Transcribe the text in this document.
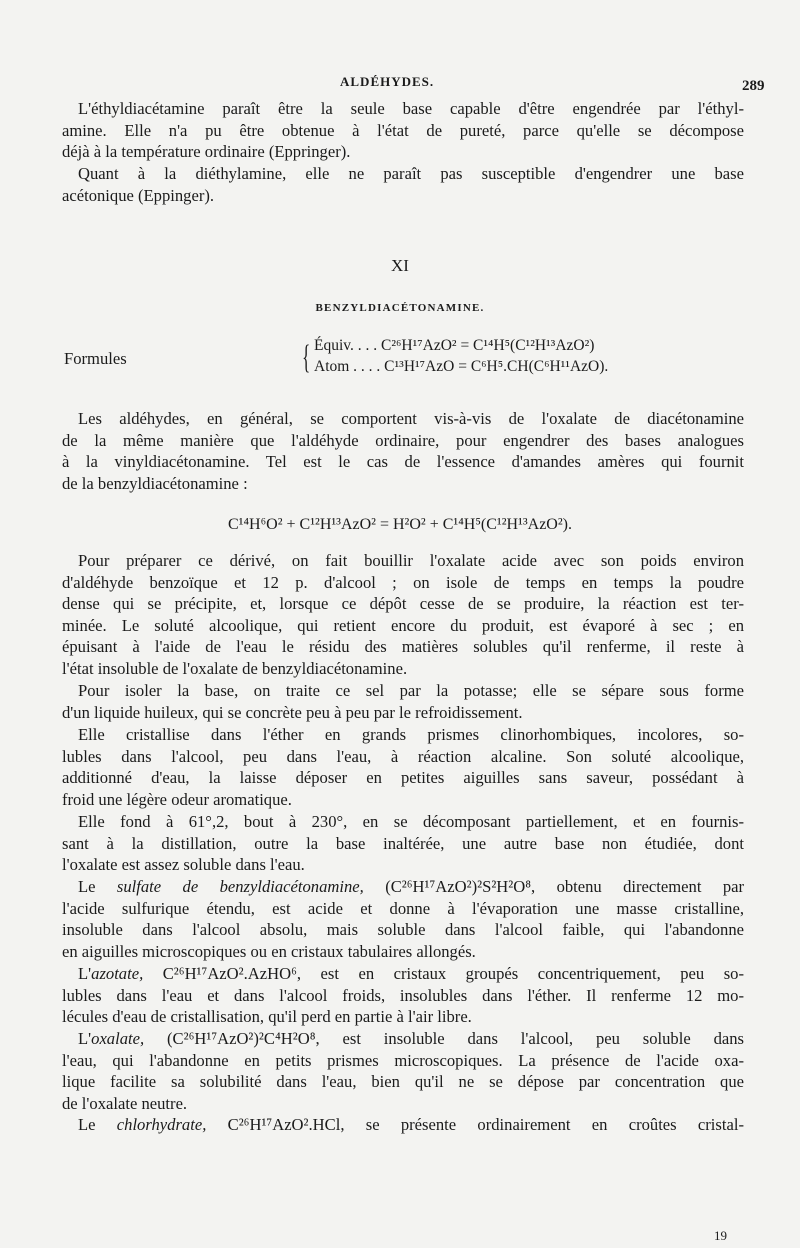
ALDÉHYDES.	289
L'éthyldiacétamine paraît être la seule base capable d'être engendrée par l'éthyl-
amine. Elle n'a pu être obtenue à l'état de pureté, parce qu'elle se décompose
déjà à la température ordinaire (Eppringer).
Quant à la diéthylamine, elle ne paraît pas susceptible d'engendrer une base
acétonique (Eppinger).
XI
BENZYLDIACÉTONAMINE.
Formules	{ Équiv. . . . C²⁶H¹⁷AzO² = C¹⁴H⁵(C¹²H¹³AzO²)
Atom . . . . C¹³H¹⁷AzO = C⁶H⁵.CH(C⁶H¹¹AzO).
Les aldéhydes, en général, se comportent vis-à-vis de l'oxalate de diacétonamine
de la même manière que l'aldéhyde ordinaire, pour engendrer des bases analogues
à la vinyldiacétonamine. Tel est le cas de l'essence d'amandes amères qui fournit
de la benzyldiacétonamine :
C¹⁴H⁶O² + C¹²H¹³AzO² = H²O² + C¹⁴H⁵(C¹²H¹³AzO²).
Pour préparer ce dérivé, on fait bouillir l'oxalate acide avec son poids environ
d'aldéhyde benzoïque et 12 p. d'alcool ; on isole de temps en temps la poudre
dense qui se précipite, et, lorsque ce dépôt cesse de se produire, la réaction est ter-
minée. Le soluté alcoolique, qui retient encore du produit, est évaporé à sec ; en
épuisant à l'aide de l'eau le résidu des matières solubles qu'il renferme, il reste à
l'état insoluble de l'oxalate de benzyldiacétonamine.
Pour isoler la base, on traite ce sel par la potasse; elle se sépare sous forme
d'un liquide huileux, qui se concrète peu à peu par le refroidissement.
Elle cristallise dans l'éther en grands prismes clinorhombiques, incolores, so-
lubles dans l'alcool, peu dans l'eau, à réaction alcaline. Son soluté alcoolique,
additionné d'eau, la laisse déposer en petites aiguilles sans saveur, possédant à
froid une légère odeur aromatique.
Elle fond à 61°,2, bout à 230°, en se décomposant partiellement, et en fournis-
sant à la distillation, outre la base inaltérée, une autre base non étudiée, dont
l'oxalate est assez soluble dans l'eau.
Le sulfate de benzyldiacétonamine, (C²⁶H¹⁷AzO²)²S²H²O⁸, obtenu directement par
l'acide sulfurique étendu, est acide et donne à l'évaporation une masse cristalline,
insoluble dans l'alcool absolu, mais soluble dans l'alcool faible, qui l'abandonne
en aiguilles microscopiques ou en cristaux tabulaires allongés.
L'azotate, C²⁶H¹⁷AzO².AzHO⁶, est en cristaux groupés concentriquement, peu so-
lubles dans l'eau et dans l'alcool froids, insolubles dans l'éther. Il renferme 12 mo-
lécules d'eau de cristallisation, qu'il perd en partie à l'air libre.
L'oxalate, (C²⁶H¹⁷AzO²)²C⁴H²O⁸, est insoluble dans l'alcool, peu soluble dans
l'eau, qui l'abandonne en petits prismes microscopiques. La présence de l'acide oxa-
lique facilite sa solubilité dans l'eau, bien qu'il ne se dépose par concentration que
de l'oxalate neutre.
Le chlorhydrate, C²⁶H¹⁷AzO².HCl, se présente ordinairement en croûtes cristal-
19
